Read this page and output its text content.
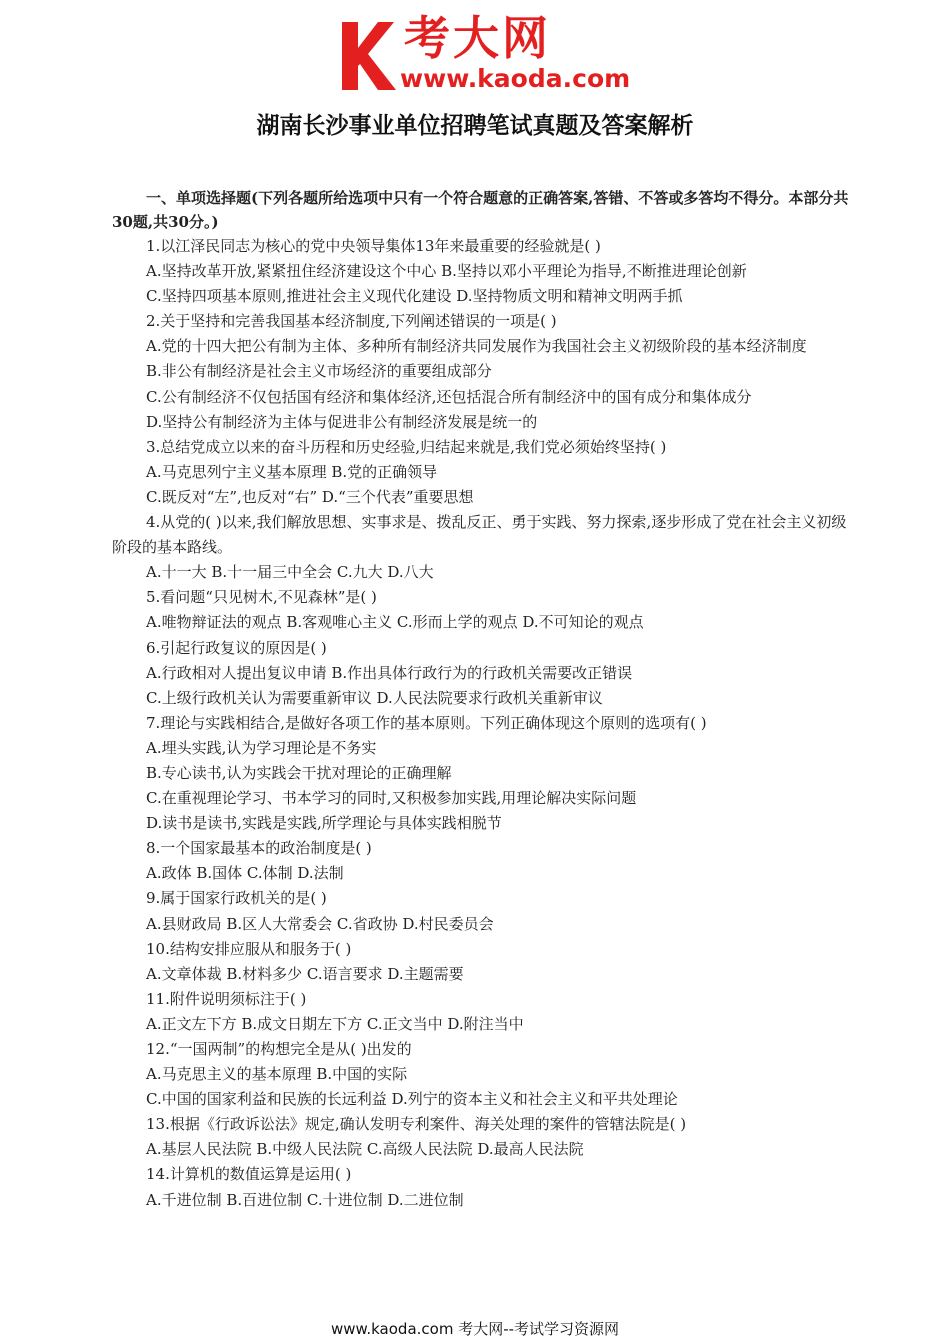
考大网
www.kaoda.com
湖南长沙事业单位招聘笔试真题及答案解析

一、单项选择题(下列各题所给选项中只有一个符合题意的正确答案,答错、不答或多答均不得分。本部分共30题,共30分。)

1.以江泽民同志为核心的党中央领导集体13年来最重要的经验就是( )

A.坚持改革开放,紧紧扭住经济建设这个中心 B.坚持以邓小平理论为指导,不断推进理论创新

C.坚持四项基本原则,推进社会主义现代化建设 D.坚持物质文明和精神文明两手抓

2.关于坚持和完善我国基本经济制度,下列阐述错误的一项是( )

A.党的十四大把公有制为主体、多种所有制经济共同发展作为我国社会主义初级阶段的基本经济制度

B.非公有制经济是社会主义市场经济的重要组成部分

C.公有制经济不仅包括国有经济和集体经济,还包括混合所有制经济中的国有成分和集体成分

D.坚持公有制经济为主体与促进非公有制经济发展是统一的

3.总结党成立以来的奋斗历程和历史经验,归结起来就是,我们党必须始终坚持( )

A.马克思列宁主义基本原理 B.党的正确领导

C.既反对“左”,也反对“右” D.“三个代表”重要思想

4.从党的( )以来,我们解放思想、实事求是、拨乱反正、勇于实践、努力探索,逐步形成了党在社会主义初级阶段的基本路线。

A.十一大 B.十一届三中全会 C.九大 D.八大

5.看问题“只见树木,不见森林”是( )

A.唯物辩证法的观点 B.客观唯心主义 C.形而上学的观点 D.不可知论的观点

6.引起行政复议的原因是( )

A.行政相对人提出复议申请 B.作出具体行政行为的行政机关需要改正错误

C.上级行政机关认为需要重新审议 D.人民法院要求行政机关重新审议

7.理论与实践相结合,是做好各项工作的基本原则。下列正确体现这个原则的选项有( )

A.埋头实践,认为学习理论是不务实

B.专心读书,认为实践会干扰对理论的正确理解

C.在重视理论学习、书本学习的同时,又积极参加实践,用理论解决实际问题

D.读书是读书,实践是实践,所学理论与具体实践相脱节

8.一个国家最基本的政治制度是( )

A.政体 B.国体 C.体制 D.法制

9.属于国家行政机关的是( )

A.县财政局 B.区人大常委会 C.省政协 D.村民委员会

10.结构安排应服从和服务于( )

A.文章体裁 B.材料多少 C.语言要求 D.主题需要

11.附件说明须标注于( )

A.正文左下方 B.成文日期左下方 C.正文当中 D.附注当中

12.“一国两制”的构想完全是从( )出发的

A.马克思主义的基本原理 B.中国的实际

C.中国的国家利益和民族的长远利益 D.列宁的资本主义和社会主义和平共处理论

13.根据《行政诉讼法》规定,确认发明专利案件、海关处理的案件的管辖法院是( )

A.基层人民法院 B.中级人民法院 C.高级人民法院 D.最高人民法院

14.计算机的数值运算是运用( )

A.千进位制 B.百进位制 C.十进位制 D.二进位制

www.kaoda.com 考大网--考试学习资源网
